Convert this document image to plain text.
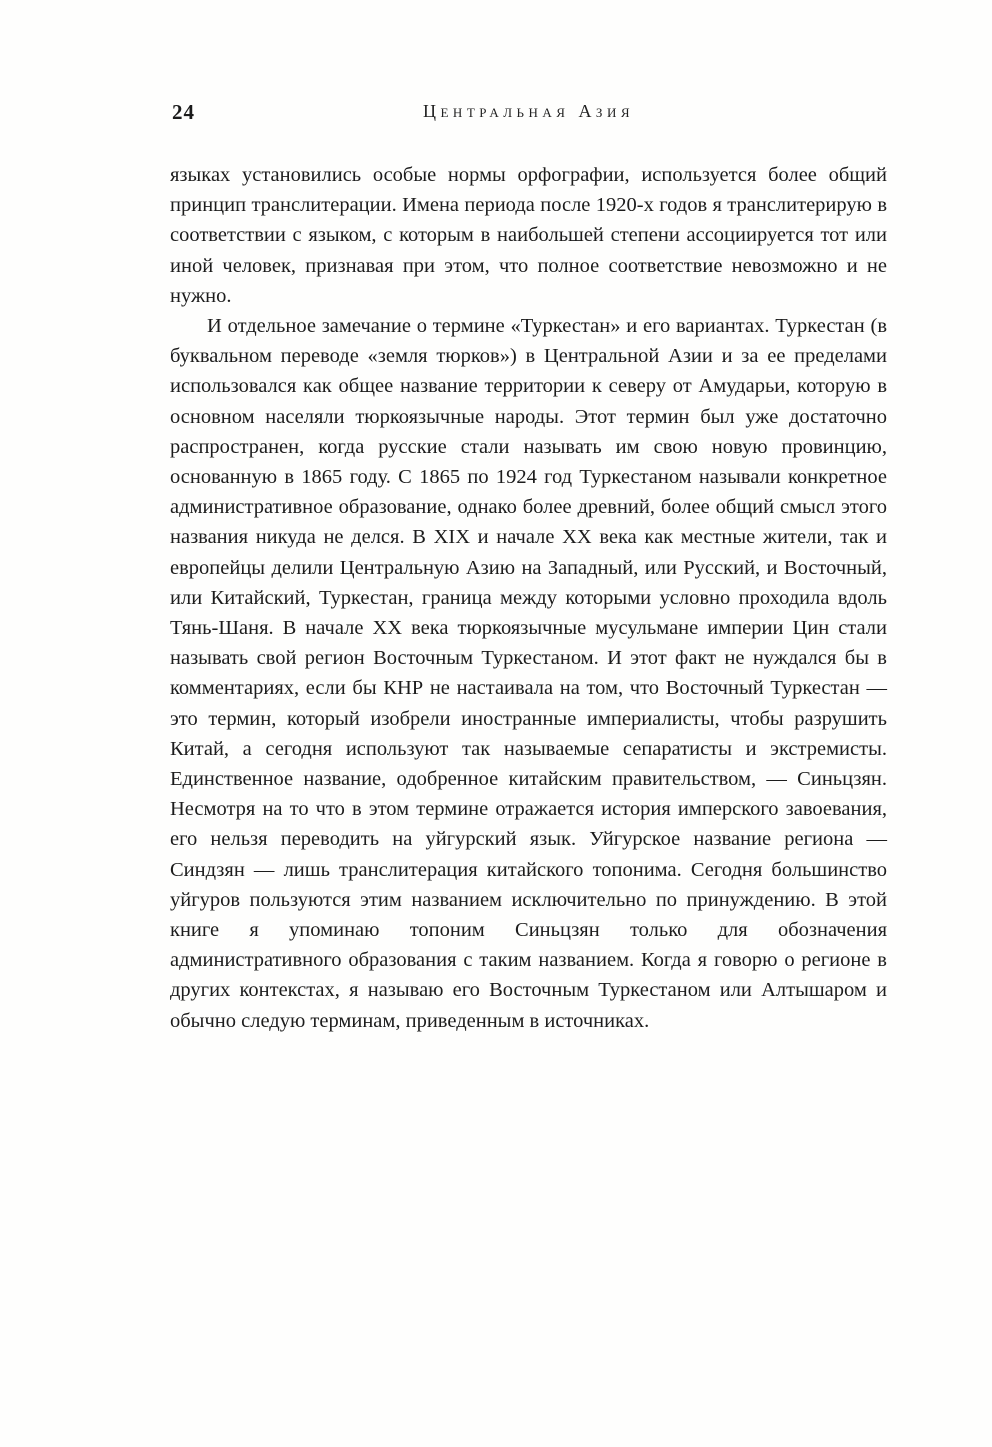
24	Центральная Азия

языках установились особые нормы орфографии, используется более общий принцип транслитерации. Имена периода после 1920-х годов я транслитерирую в соответствии с языком, с которым в наибольшей степени ассоциируется тот или иной человек, признавая при этом, что полное соответствие невозможно и не нужно.

И отдельное замечание о термине «Туркестан» и его вариантах. Туркестан (в буквальном переводе «земля тюрков») в Центральной Азии и за ее пределами использовался как общее название территории к северу от Амударьи, которую в основном населяли тюркоязычные народы. Этот термин был уже достаточно распространен, когда русские стали называть им свою новую провинцию, основанную в 1865 году. С 1865 по 1924 год Туркестаном называли конкретное административное образование, однако более древний, более общий смысл этого названия никуда не делся. В XIX и начале XX века как местные жители, так и европейцы делили Центральную Азию на Западный, или Русский, и Восточный, или Китайский, Туркестан, граница между которыми условно проходила вдоль Тянь-Шаня. В начале XX века тюркоязычные мусульмане империи Цин стали называть свой регион Восточным Туркестаном. И этот факт не нуждался бы в комментариях, если бы КНР не настаивала на том, что Восточный Туркестан — это термин, который изобрели иностранные империалисты, чтобы разрушить Китай, а сегодня используют так называемые сепаратисты и экстремисты. Единственное название, одобренное китайским правительством, — Синьцзян. Несмотря на то что в этом термине отражается история имперского завоевания, его нельзя переводить на уйгурский язык. Уйгурское название региона — Синдзян — лишь транслитерация китайского топонима. Сегодня большинство уйгуров пользуются этим названием исключительно по принуждению. В этой книге я упоминаю топоним Синьцзян только для обозначения административного образования с таким названием. Когда я говорю о регионе в других контекстах, я называю его Восточным Туркестаном или Алтышаром и обычно следую терминам, приведенным в источниках.
